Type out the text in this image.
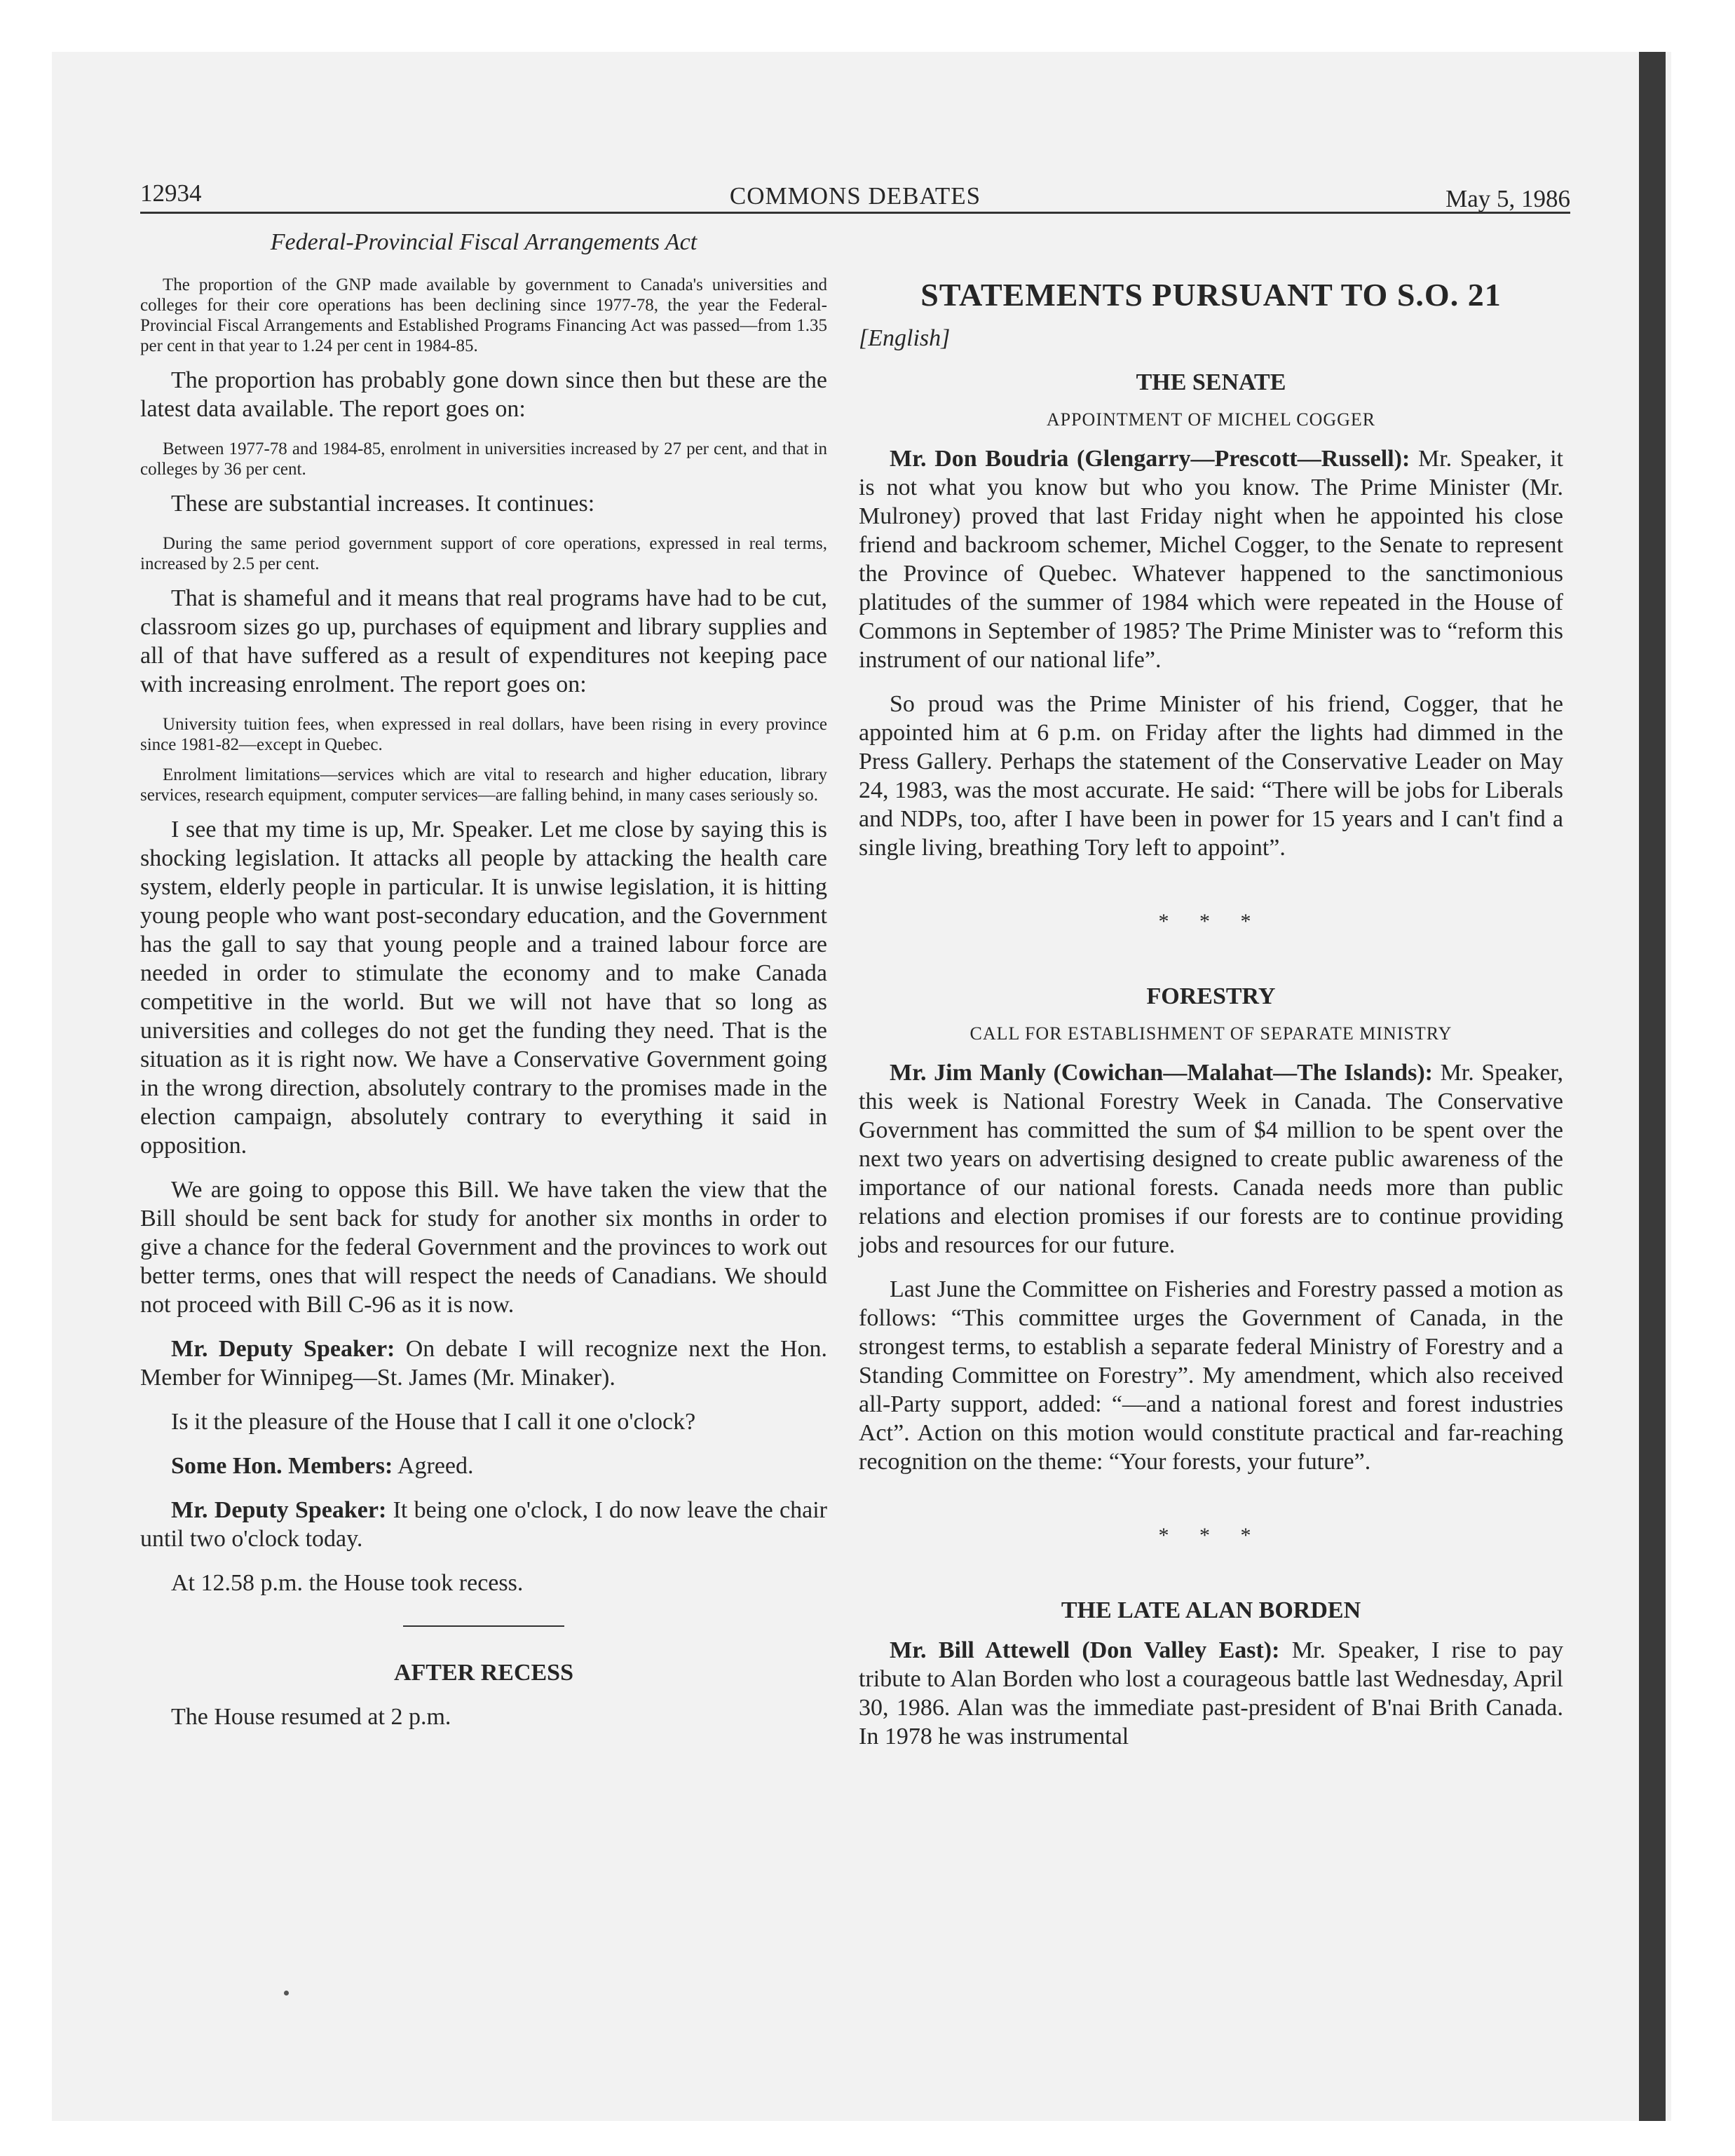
12934	COMMONS DEBATES	May 5, 1986
Federal-Provincial Fiscal Arrangements Act

The proportion of the GNP made available by government to Canada's universities and colleges for their core operations has been declining since 1977-78, the year the Federal-Provincial Fiscal Arrangements and Established Programs Financing Act was passed—from 1.35 per cent in that year to 1.24 per cent in 1984-85.

The proportion has probably gone down since then but these are the latest data available. The report goes on:

Between 1977-78 and 1984-85, enrolment in universities increased by 27 per cent, and that in colleges by 36 per cent.

These are substantial increases. It continues:

During the same period government support of core operations, expressed in real terms, increased by 2.5 per cent.

That is shameful and it means that real programs have had to be cut, classroom sizes go up, purchases of equipment and library supplies and all of that have suffered as a result of expenditures not keeping pace with increasing enrolment. The report goes on:

University tuition fees, when expressed in real dollars, have been rising in every province since 1981-82—except in Quebec.

Enrolment limitations—services which are vital to research and higher education, library services, research equipment, computer services—are falling behind, in many cases seriously so.

I see that my time is up, Mr. Speaker. Let me close by saying this is shocking legislation. It attacks all people by attacking the health care system, elderly people in particular. It is unwise legislation, it is hitting young people who want post-secondary education, and the Government has the gall to say that young people and a trained labour force are needed in order to stimulate the economy and to make Canada competitive in the world. But we will not have that so long as universities and colleges do not get the funding they need. That is the situation as it is right now. We have a Conservative Government going in the wrong direction, absolutely contrary to the promises made in the election campaign, absolutely contrary to everything it said in opposition.

We are going to oppose this Bill. We have taken the view that the Bill should be sent back for study for another six months in order to give a chance for the federal Government and the provinces to work out better terms, ones that will respect the needs of Canadians. We should not proceed with Bill C-96 as it is now.

Mr. Deputy Speaker: On debate I will recognize next the Hon. Member for Winnipeg—St. James (Mr. Minaker).

Is it the pleasure of the House that I call it one o'clock?

Some Hon. Members: Agreed.

Mr. Deputy Speaker: It being one o'clock, I do now leave the chair until two o'clock today.

At 12.58 p.m. the House took recess.

AFTER RECESS

The House resumed at 2 p.m.

STATEMENTS PURSUANT TO S.O. 21
[English]
THE SENATE
APPOINTMENT OF MICHEL COGGER

Mr. Don Boudria (Glengarry—Prescott—Russell): Mr. Speaker, it is not what you know but who you know. The Prime Minister (Mr. Mulroney) proved that last Friday night when he appointed his close friend and backroom schemer, Michel Cogger, to the Senate to represent the Province of Quebec. Whatever happened to the sanctimonious platitudes of the summer of 1984 which were repeated in the House of Commons in September of 1985? The Prime Minister was to “reform this instrument of our national life”.

So proud was the Prime Minister of his friend, Cogger, that he appointed him at 6 p.m. on Friday after the lights had dimmed in the Press Gallery. Perhaps the statement of the Conservative Leader on May 24, 1983, was the most accurate. He said: “There will be jobs for Liberals and NDPs, too, after I have been in power for 15 years and I can't find a single living, breathing Tory left to appoint”.

* * *
FORESTRY
CALL FOR ESTABLISHMENT OF SEPARATE MINISTRY

Mr. Jim Manly (Cowichan—Malahat—The Islands): Mr. Speaker, this week is National Forestry Week in Canada. The Conservative Government has committed the sum of $4 million to be spent over the next two years on advertising designed to create public awareness of the importance of our national forests. Canada needs more than public relations and election promises if our forests are to continue providing jobs and resources for our future.

Last June the Committee on Fisheries and Forestry passed a motion as follows: “This committee urges the Government of Canada, in the strongest terms, to establish a separate federal Ministry of Forestry and a Standing Committee on Forestry”. My amendment, which also received all-Party support, added: “—and a national forest and forest industries Act”. Action on this motion would constitute practical and far-reaching recognition on the theme: “Your forests, your future”.

* * *
THE LATE ALAN BORDEN

Mr. Bill Attewell (Don Valley East): Mr. Speaker, I rise to pay tribute to Alan Borden who lost a courageous battle last Wednesday, April 30, 1986. Alan was the immediate past-president of B'nai Brith Canada. In 1978 he was instrumental
